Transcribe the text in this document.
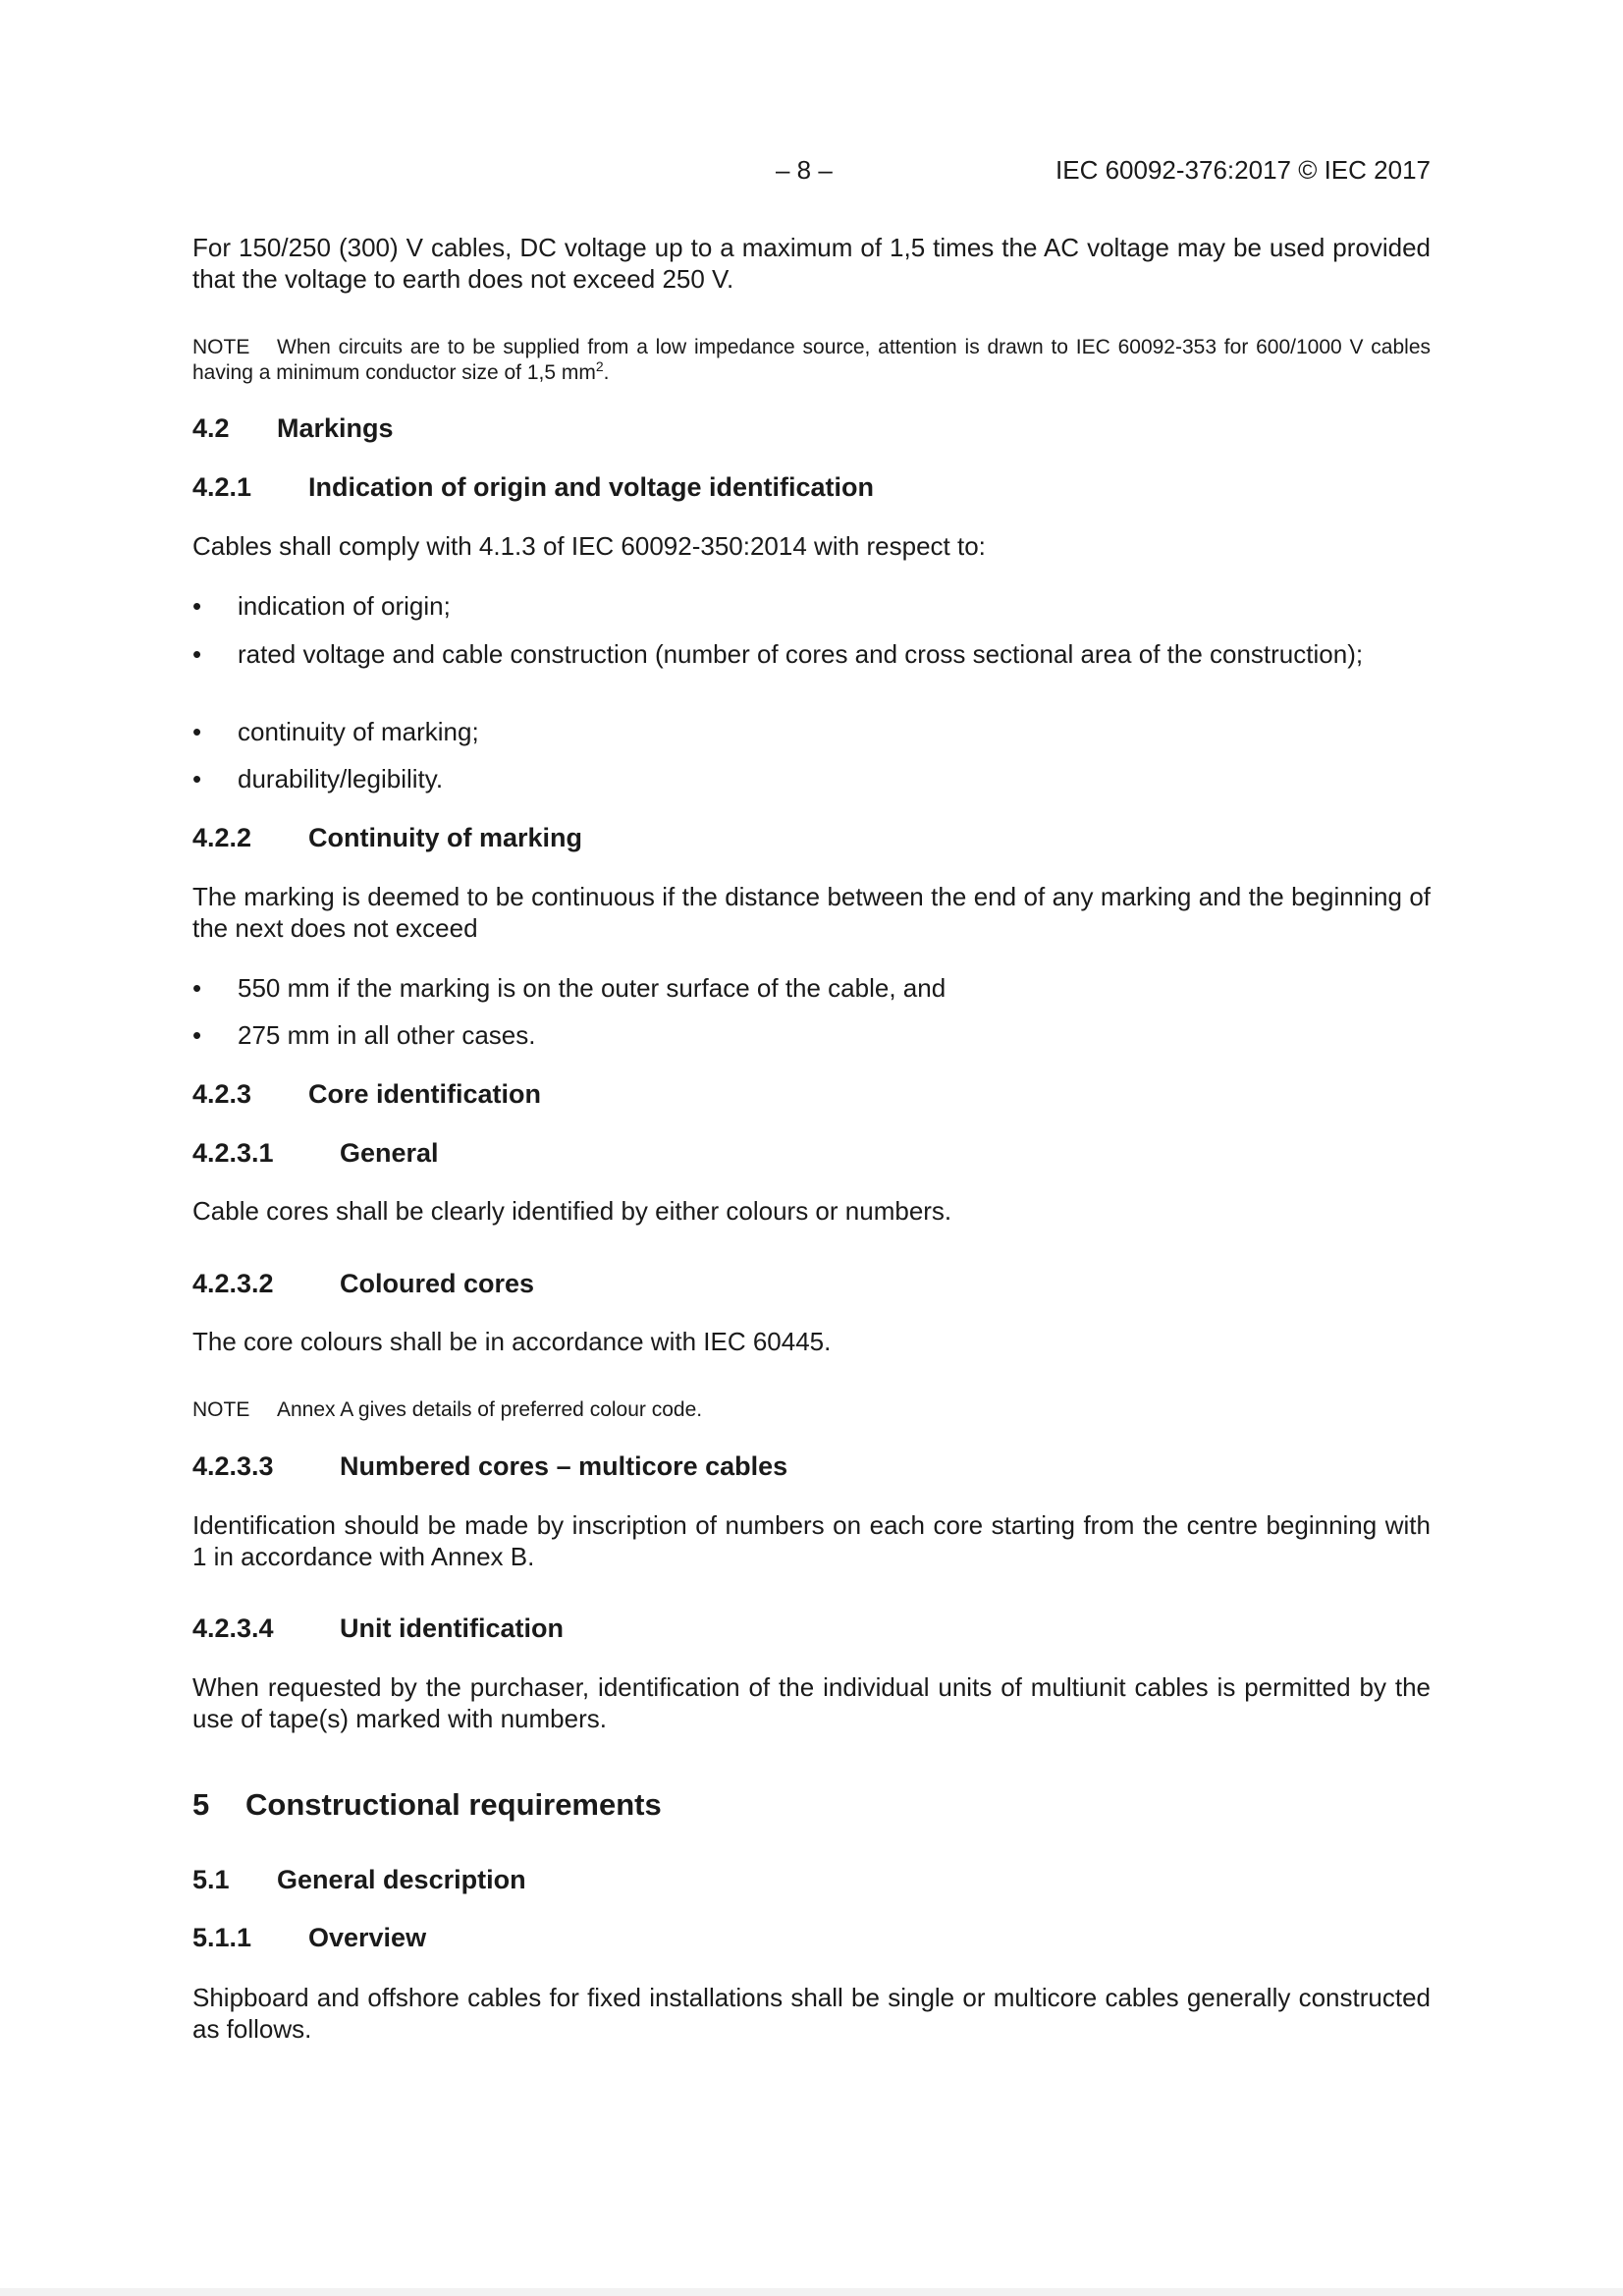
– 8 –	IEC 60092-376:2017 © IEC 2017

For 150/250 (300) V cables, DC voltage up to a maximum of 1,5 times the AC voltage may be used provided that the voltage to earth does not exceed 250 V.

NOTE When circuits are to be supplied from a low impedance source, attention is drawn to IEC 60092-353 for 600/1000 V cables having a minimum conductor size of 1,5 $mm^2$.

4.2 Markings
4.2.1 Indication of origin and voltage identification

Cables shall comply with 4.1.3 of IEC 60092-350:2014 with respect to:

•	indication of origin;
•	rated voltage and cable construction (number of cores and cross sectional area of the construction);
•	continuity of marking;
•	durability/legibility.
4.2.2 Continuity of marking

The marking is deemed to be continuous if the distance between the end of any marking and the beginning of the next does not exceed

•	550 mm if the marking is on the outer surface of the cable, and
•	275 mm in all other cases.
4.2.3 Core identification
4.2.3.1 General

Cable cores shall be clearly identified by either colours or numbers.

4.2.3.2 Coloured cores

The core colours shall be in accordance with IEC 60445.

NOTE Annex A gives details of preferred colour code.

4.2.3.3 Numbered cores – multicore cables

Identification should be made by inscription of numbers on each core starting from the centre beginning with 1 in accordance with Annex B.

4.2.3.4 Unit identification

When requested by the purchaser, identification of the individual units of multiunit cables is permitted by the use of tape(s) marked with numbers.

5 Constructional requirements
5.1 General description
5.1.1 Overview

Shipboard and offshore cables for fixed installations shall be single or multicore cables generally constructed as follows.
